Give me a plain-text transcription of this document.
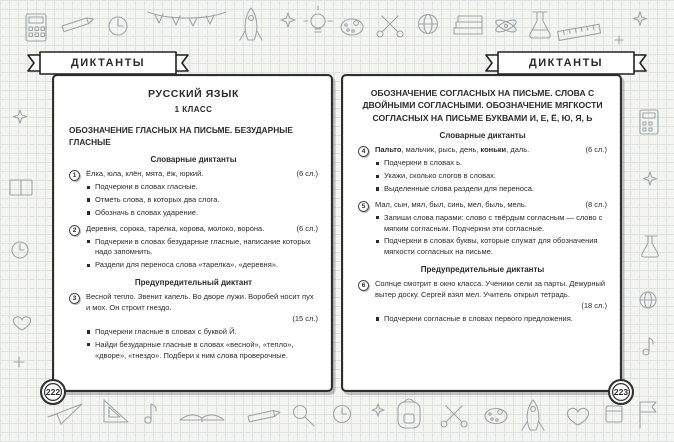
ДИКТАНТЫ	ДИКТАНТЫ
РУССКИЙ ЯЗЫК
1 КЛАСС
ОБОЗНАЧЕНИЕ ГЛАСНЫХ НА ПИСЬМЕ. БЕЗУДАРНЫЕ ГЛАСНЫЕ
Словарные диктанты
1	(6 сл.)
Ёлка, юла, клён, мята, ёж, юркий.
Подчеркни в словах гласные.
Отметь слова, в которых два слога.
Обозначь в словах ударение.
2	(6 сл.)
Деревня, сорока, тарелка, корова, молоко, ворона.
Подчеркни в словах безударные гласные, написание которых надо запомнить.
Раздели для переноса слова «тарелка», «деревня».
Предупредительный диктант
3	Весной тепло. Звенит капель. Во дворе лужи. Воробей носит пух и мох. Он строит гнездо.
(15 сл.)
Подчеркни гласные в словах с буквой Й.
Найди безударные гласные в словах «весной», «тепло», «дворе», «гнездо». Подбери к ним слова проверочные.
ОБОЗНАЧЕНИЕ СОГЛАСНЫХ НА ПИСЬМЕ. СЛОВА С ДВОЙНЫМИ СОГЛАСНЫМИ. ОБОЗНАЧЕНИЕ МЯГКОСТИ СОГЛАСНЫХ НА ПИСЬМЕ БУКВАМИ И, Е, Ё, Ю, Я, Ь
Словарные диктанты
4	(6 сл.)
Пальто, мальчик, рысь, день, коньки, даль.
Подчеркни в словах ь.
Укажи, сколько слогов в словах.
Выделенные слова раздели для переноса.
5	(8 сл.)
Мал, сын, мял, был, синь, мел, быль, мель.
Запиши слова парами: слово с твёрдым согласным — слово с мягким согласным. Подчеркни эти согласные.
Подчеркни в словах буквы, которые служат для обозначения мягкости согласных на письме.
Предупредительные диктанты
6	Солнце смотрит в окно класса. Ученики сели за парты. Дежурный вытер доску. Сергей взял мел. Учитель открыл тетрадь.
(18 сл.)
Подчеркни согласные в словах первого предложения.
222	223
